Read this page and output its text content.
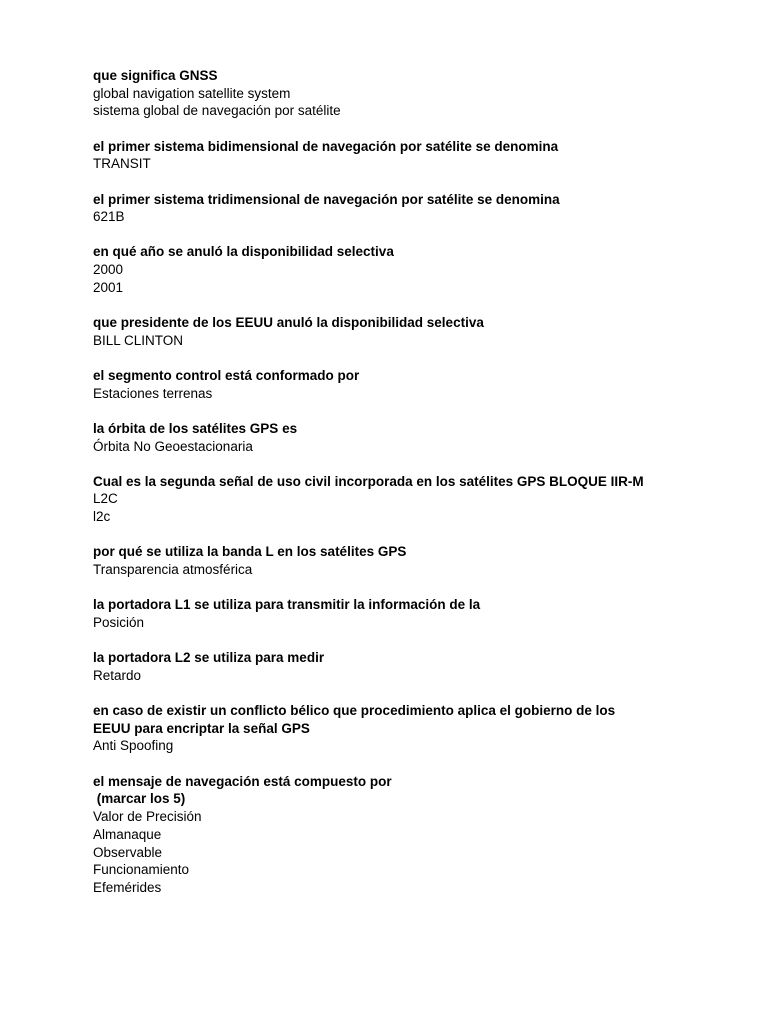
que significa GNSS

global navigation satellite system

sistema global de navegación por satélite

el primer sistema bidimensional de navegación por satélite se denomina

TRANSIT

el primer sistema tridimensional de navegación por satélite se denomina

621B

en qué año se anuló la disponibilidad selectiva

2000

2001

que presidente de los EEUU anuló la disponibilidad selectiva

BILL CLINTON

el segmento control está conformado por

Estaciones terrenas

la órbita de los satélites GPS es

Órbita No Geoestacionaria

Cual es la segunda señal de uso civil incorporada en los satélites GPS BLOQUE IIR-M

L2C

l2c

por qué se utiliza la banda L en los satélites GPS

Transparencia atmosférica

la portadora L1 se utiliza para transmitir la información de la

Posición

la portadora L2 se utiliza para medir

Retardo

en caso de existir un conflicto bélico que procedimiento aplica el gobierno de los

EEUU para encriptar la señal GPS

Anti Spoofing

el mensaje de navegación está compuesto por

(marcar los 5)

Valor de Precisión

Almanaque

Observable

Funcionamiento

Efemérides
